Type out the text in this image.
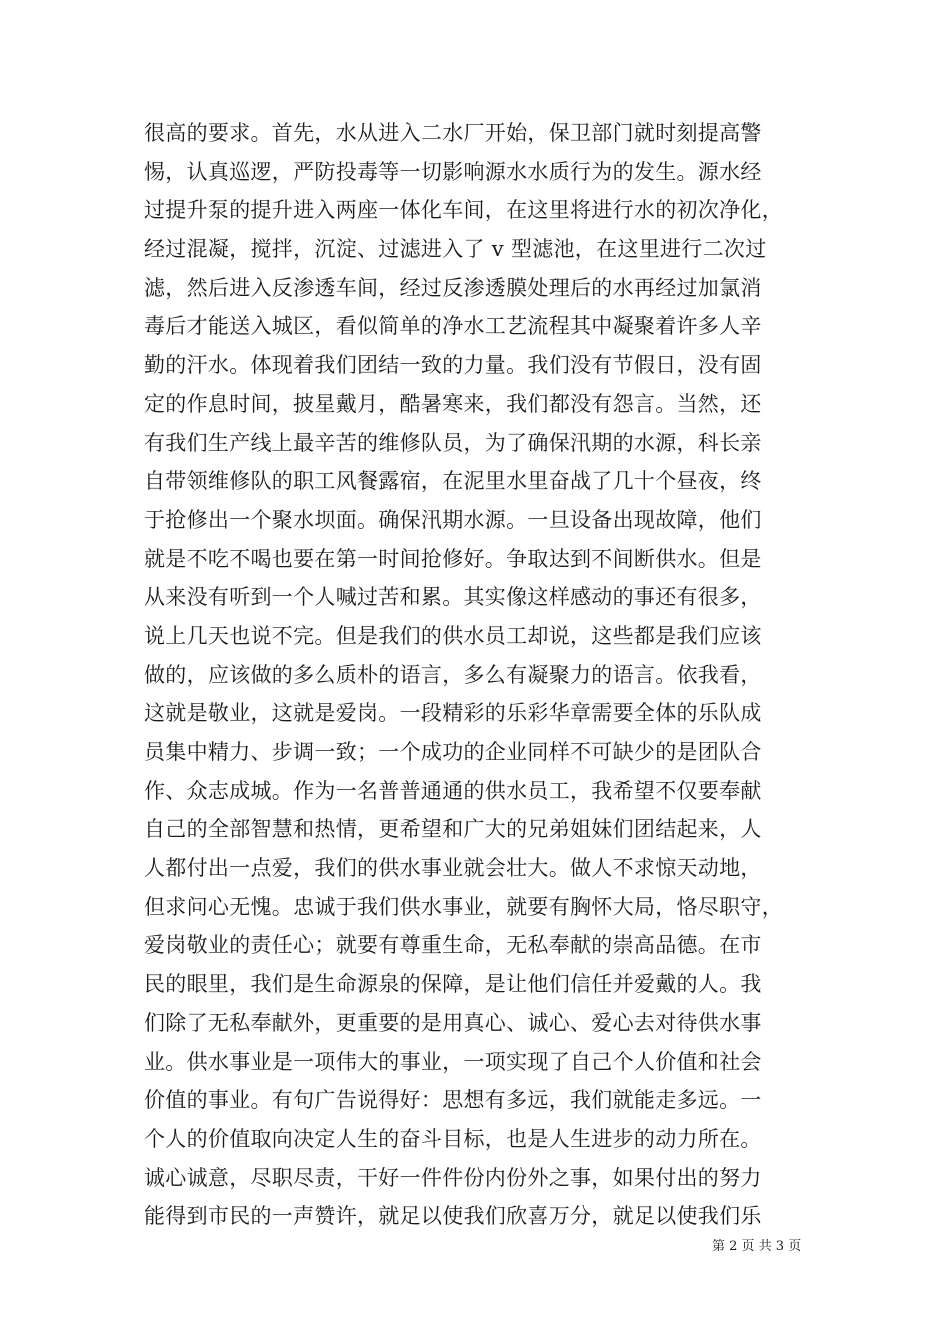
很高的要求。首先，水从进入二水厂开始，保卫部门就时刻提高警
惕，认真巡逻，严防投毒等一切影响源水水质行为的发生。源水经
过提升泵的提升进入两座一体化车间，在这里将进行水的初次净化，
经过混凝，搅拌，沉淀、过滤进入了 v 型滤池，在这里进行二次过
滤，然后进入反渗透车间，经过反渗透膜处理后的水再经过加氯消
毒后才能送入城区，看似简单的净水工艺流程其中凝聚着许多人辛
勤的汗水。体现着我们团结一致的力量。我们没有节假日，没有固
定的作息时间，披星戴月，酷暑寒来，我们都没有怨言。当然，还
有我们生产线上最辛苦的维修队员，为了确保汛期的水源，科长亲
自带领维修队的职工风餐露宿，在泥里水里奋战了几十个昼夜，终
于抢修出一个聚水坝面。确保汛期水源。一旦设备出现故障，他们
就是不吃不喝也要在第一时间抢修好。争取达到不间断供水。但是
从来没有听到一个人喊过苦和累。其实像这样感动的事还有很多，
说上几天也说不完。但是我们的供水员工却说，这些都是我们应该
做的，应该做的多么质朴的语言，多么有凝聚力的语言。依我看，
这就是敬业，这就是爱岗。一段精彩的乐彩华章需要全体的乐队成
员集中精力、步调一致；一个成功的企业同样不可缺少的是团队合
作、众志成城。作为一名普普通通的供水员工，我希望不仅要奉献
自己的全部智慧和热情，更希望和广大的兄弟姐妹们团结起来，人
人都付出一点爱，我们的供水事业就会壮大。做人不求惊天动地，
但求问心无愧。忠诚于我们供水事业，就要有胸怀大局，恪尽职守，
爱岗敬业的责任心；就要有尊重生命，无私奉献的崇高品德。在市
民的眼里，我们是生命源泉的保障，是让他们信任并爱戴的人。我
们除了无私奉献外，更重要的是用真心、诚心、爱心去对待供水事
业。供水事业是一项伟大的事业，一项实现了自己个人价值和社会
价值的事业。有句广告说得好：思想有多远，我们就能走多远。一
个人的价值取向决定人生的奋斗目标，也是人生进步的动力所在。
诚心诚意，尽职尽责，干好一件件份内份外之事，如果付出的努力
能得到市民的一声赞许，就足以使我们欣喜万分，就足以使我们乐
第 2 页 共 3 页
